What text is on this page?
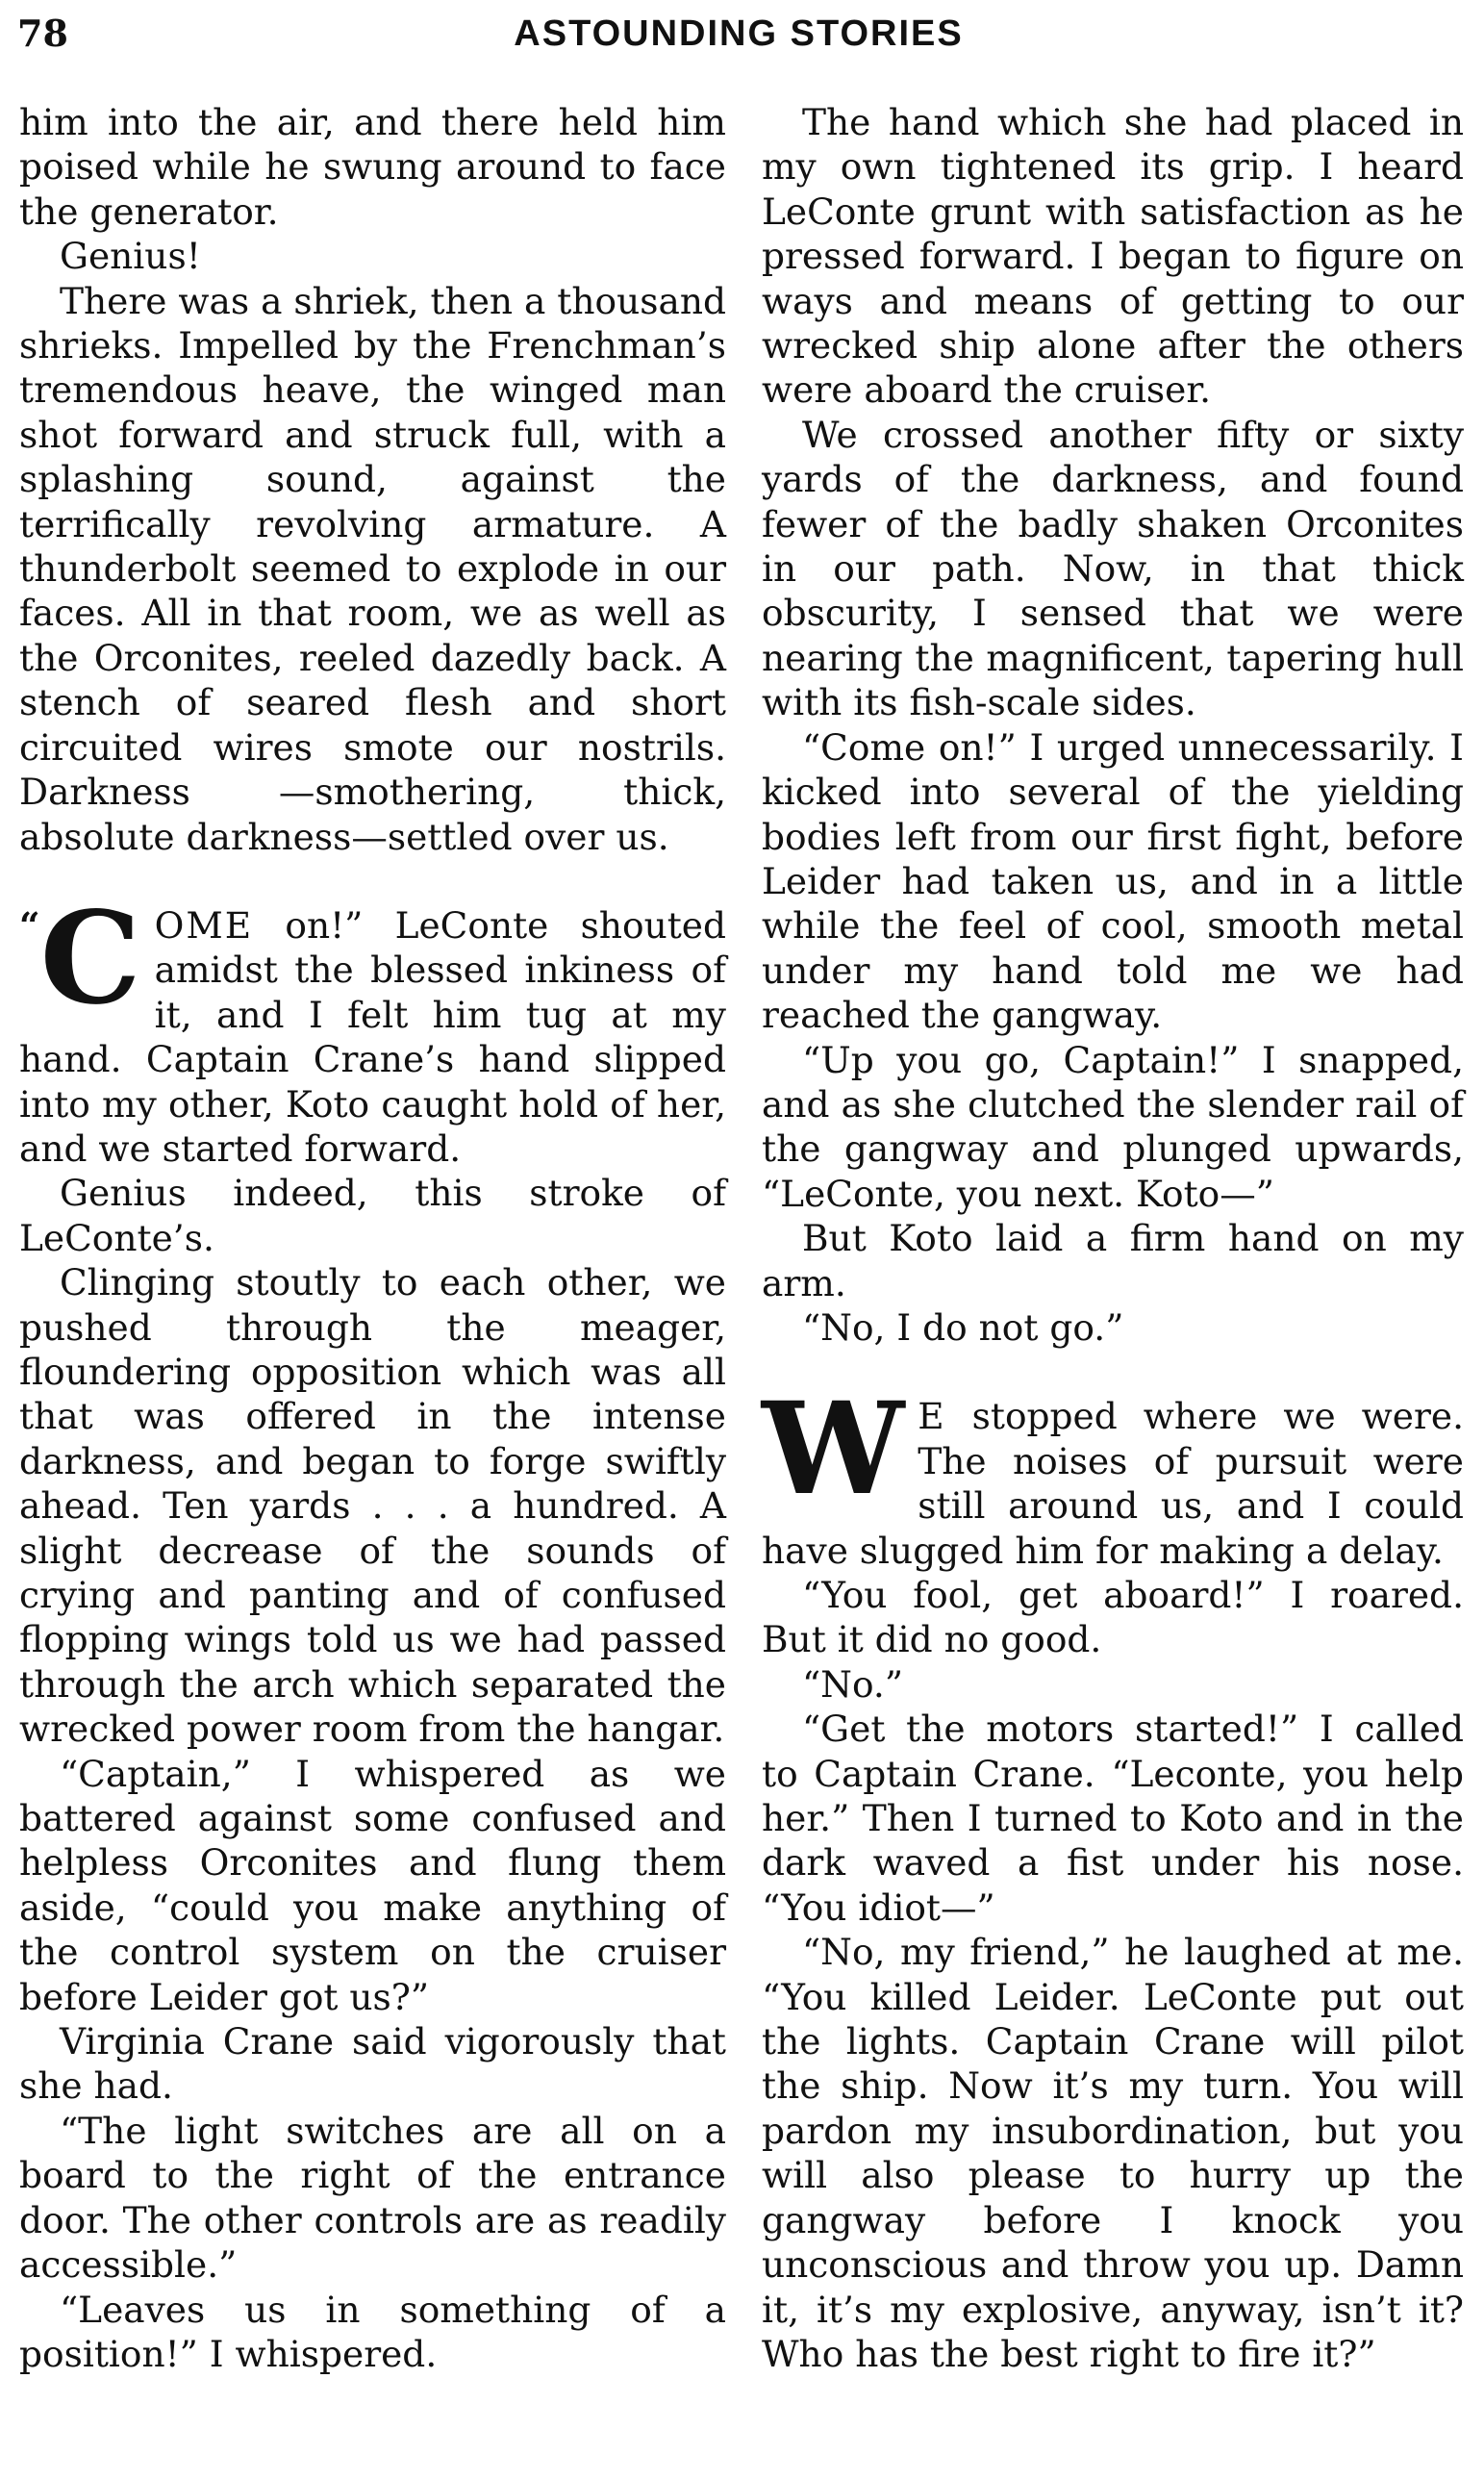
78	ASTOUNDING STORIES

him into the air, and there held him poised while he swung around to face the generator.

Genius!

There was a shriek, then a thousand shrieks. Impelled by the Frenchman’s tremendous heave, the winged man shot forward and struck full, with a splashing sound, against the terrifically revolving armature. A thunderbolt seemed to explode in our faces. All in that room, we as well as the Orconites, reeled dazedly back. A stench of seared flesh and short circuited wires smote our nostrils. Darkness —smothering, thick, absolute darkness—settled over us.

“ C OME on!” LeConte shouted amidst the blessed inkiness of it, and I felt him tug at my hand. Captain Crane’s hand slipped into my other, Koto caught hold of her, and we started forward.

Genius indeed, this stroke of LeConte’s.

Clinging stoutly to each other, we pushed through the meager, floundering opposition which was all that was offered in the intense darkness, and began to forge swiftly ahead. Ten yards . . . a hundred. A slight decrease of the sounds of crying and panting and of confused flopping wings told us we had passed through the arch which separated the wrecked power room from the hangar.

“Captain,” I whispered as we battered against some confused and helpless Orconites and flung them aside, “could you make anything of the control system on the cruiser before Leider got us?”

Virginia Crane said vigorously that she had.

“The light switches are all on a board to the right of the entrance door. The other controls are as readily accessible.”

“Leaves us in something of a position!” I whispered.

The hand which she had placed in my own tightened its grip. I heard LeConte grunt with satisfaction as he pressed forward. I began to figure on ways and means of getting to our wrecked ship alone after the others were aboard the cruiser.

We crossed another fifty or sixty yards of the darkness, and found fewer of the badly shaken Orconites in our path. Now, in that thick obscurity, I sensed that we were nearing the magnificent, tapering hull with its fish-scale sides.

“Come on!” I urged unnecessarily. I kicked into several of the yielding bodies left from our first fight, before Leider had taken us, and in a little while the feel of cool, smooth metal under my hand told me we had reached the gangway.

“Up you go, Captain!” I snapped, and as she clutched the slender rail of the gangway and plunged upwards, “LeConte, you next. Koto—”

But Koto laid a firm hand on my arm.

“No, I do not go.”

W E stopped where we were. The noises of pursuit were still around us, and I could have slugged him for making a delay.

“You fool, get aboard!” I roared. But it did no good.

“No.”

“Get the motors started!” I called to Captain Crane. “Leconte, you help her.” Then I turned to Koto and in the dark waved a fist under his nose. “You idiot—”

“No, my friend,” he laughed at me. “You killed Leider. LeConte put out the lights. Captain Crane will pilot the ship. Now it’s my turn. You will pardon my insubordination, but you will also please to hurry up the gangway before I knock you unconscious and throw you up. Damn it, it’s my explosive, anyway, isn’t it? Who has the best right to fire it?”
